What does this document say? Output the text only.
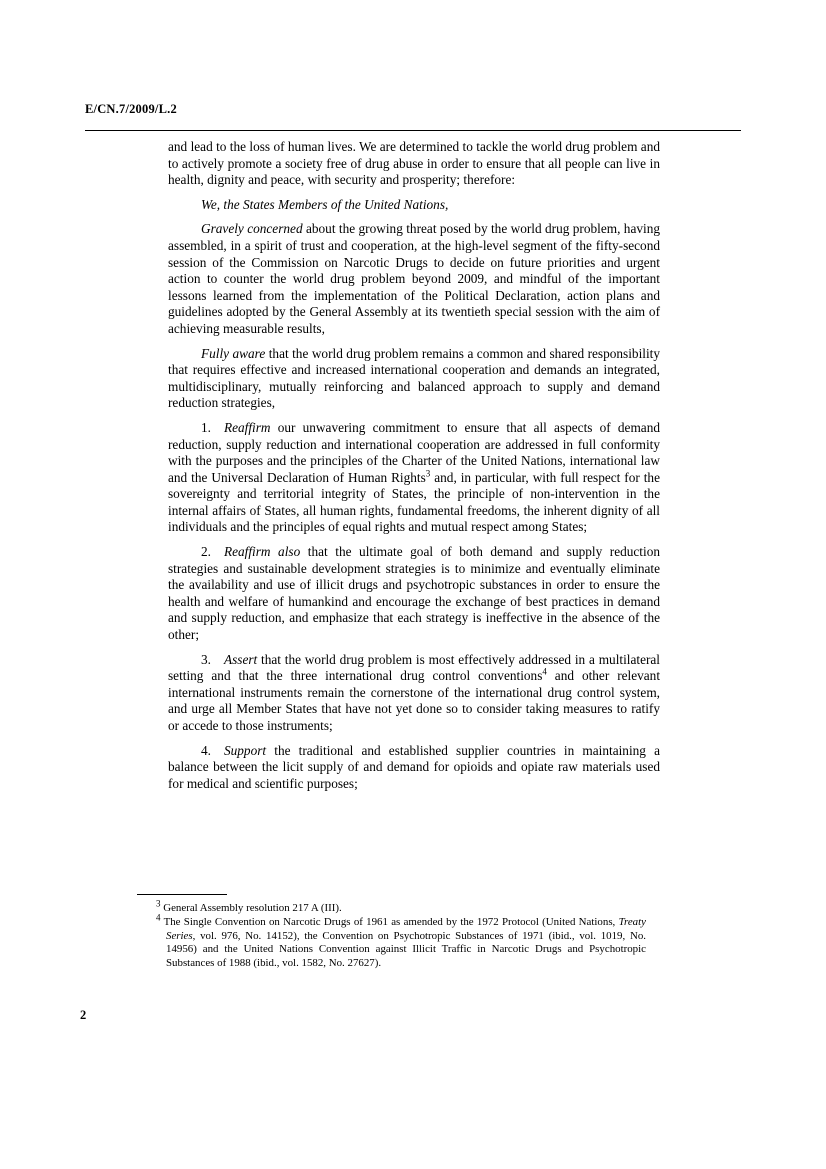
E/CN.7/2009/L.2

and lead to the loss of human lives. We are determined to tackle the world drug problem and to actively promote a society free of drug abuse in order to ensure that all people can live in health, dignity and peace, with security and prosperity; therefore:

We, the States Members of the United Nations,

Gravely concerned about the growing threat posed by the world drug problem, having assembled, in a spirit of trust and cooperation, at the high-level segment of the fifty-second session of the Commission on Narcotic Drugs to decide on future priorities and urgent action to counter the world drug problem beyond 2009, and mindful of the important lessons learned from the implementation of the Political Declaration, action plans and guidelines adopted by the General Assembly at its twentieth special session with the aim of achieving measurable results,

Fully aware that the world drug problem remains a common and shared responsibility that requires effective and increased international cooperation and demands an integrated, multidisciplinary, mutually reinforcing and balanced approach to supply and demand reduction strategies,

1. Reaffirm our unwavering commitment to ensure that all aspects of demand reduction, supply reduction and international cooperation are addressed in full conformity with the purposes and the principles of the Charter of the United Nations, international law and the Universal Declaration of Human Rights$^3$ and, in particular, with full respect for the sovereignty and territorial integrity of States, the principle of non-intervention in the internal affairs of States, all human rights, fundamental freedoms, the inherent dignity of all individuals and the principles of equal rights and mutual respect among States;

2. Reaffirm also that the ultimate goal of both demand and supply reduction strategies and sustainable development strategies is to minimize and eventually eliminate the availability and use of illicit drugs and psychotropic substances in order to ensure the health and welfare of humankind and encourage the exchange of best practices in demand and supply reduction, and emphasize that each strategy is ineffective in the absence of the other;

3. Assert that the world drug problem is most effectively addressed in a multilateral setting and that the three international drug control conventions$^4$ and other relevant international instruments remain the cornerstone of the international drug control system, and urge all Member States that have not yet done so to consider taking measures to ratify or accede to those instruments;

4. Support the traditional and established supplier countries in maintaining a balance between the licit supply of and demand for opioids and opiate raw materials used for medical and scientific purposes;

$^3$ General Assembly resolution 217 A (III).

$^4$ The Single Convention on Narcotic Drugs of 1961 as amended by the 1972 Protocol (United Nations, Treaty Series, vol. 976, No. 14152), the Convention on Psychotropic Substances of 1971 (ibid., vol. 1019, No. 14956) and the United Nations Convention against Illicit Traffic in Narcotic Drugs and Psychotropic Substances of 1988 (ibid., vol. 1582, No. 27627).

2
